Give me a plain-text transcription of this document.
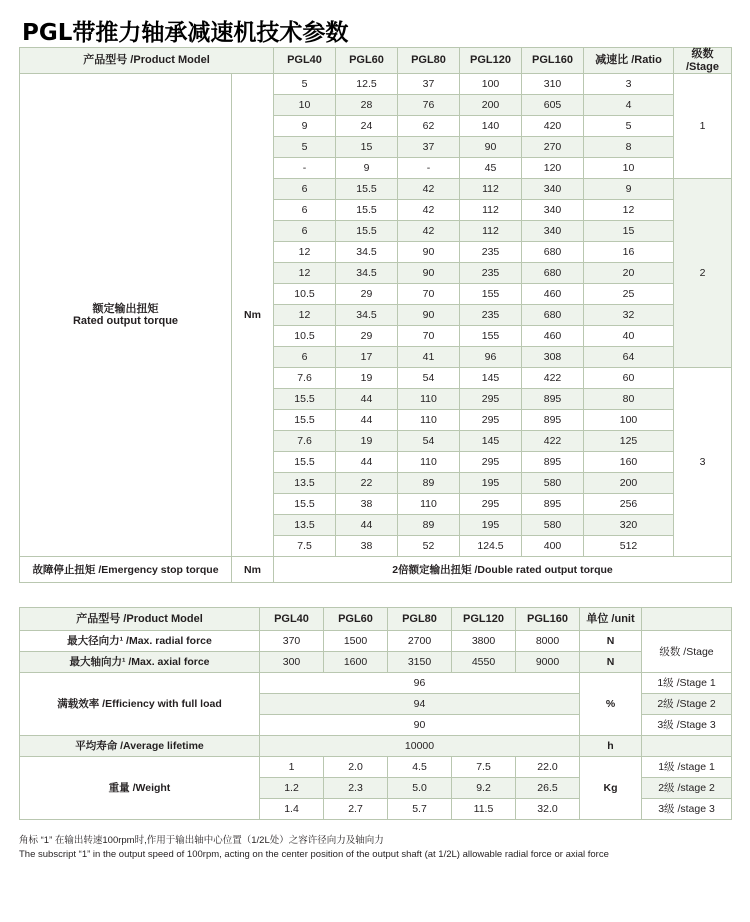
PGL带推力轴承减速机技术参数
产品型号 /Product Model		PGL40	PGL60	PGL80	PGL120	PGL160	减速比 /Ratio	级数 /Stage

额定输出扭矩
Rated output torque	Nm	5	12.5	37	100	310	3	1
		10	28	76	200	605	4	
		9	24	62	140	420	5	
		5	15	37	90	270	8	
		-	9	-	45	120	10	
		6	15.5	42	112	340	9	2
		6	15.5	42	112	340	12	
		6	15.5	42	112	340	15	
		12	34.5	90	235	680	16	
		12	34.5	90	235	680	20	
		10.5	29	70	155	460	25	
		12	34.5	90	235	680	32	
		10.5	29	70	155	460	40	
		6	17	41	96	308	64	
		7.6	19	54	145	422	60	3
		15.5	44	110	295	895	80	
		15.5	44	110	295	895	100	
		7.6	19	54	145	422	125	
		15.5	44	110	295	895	160	
		13.5	22	89	195	580	200	
		15.5	38	110	295	895	256	
		13.5	44	89	195	580	320	
		7.5	38	52	124.5	400	512	
故障停止扭矩 /Emergency stop torque	Nm	2倍额定输出扭矩 /Double rated output torque						
产品型号 /Product Model	PGL40	PGL60	PGL80	PGL120	PGL160	单位 /unit	
最大径向力¹ /Max. radial force	370	1500	2700	3800	8000	N	级数 /Stage
最大轴向力¹ /Max. axial force	300	1600	3150	4550	9000	N	
满载效率 /Efficiency with full load	96					%	1级 /Stage 1
	94						2级 /Stage 2
	90						3级 /Stage 3
平均寿命 /Average lifetime	10000					h	
重量 /Weight	1	2.0	4.5	7.5	22.0	Kg	1级 /stage 1
	1.2	2.3	5.0	9.2	26.5		2级 /stage 2
	1.4	2.7	5.7	11.5	32.0		3级 /stage 3
角标 “1” 在输出转速100rpm时,作用于输出轴中心位置（1/2L处）之容许径向力及轴向力
The subscript “1” in the output speed of 100rpm, acting on the center position of the output shaft (at 1/2L) allowable radial force or axial force
